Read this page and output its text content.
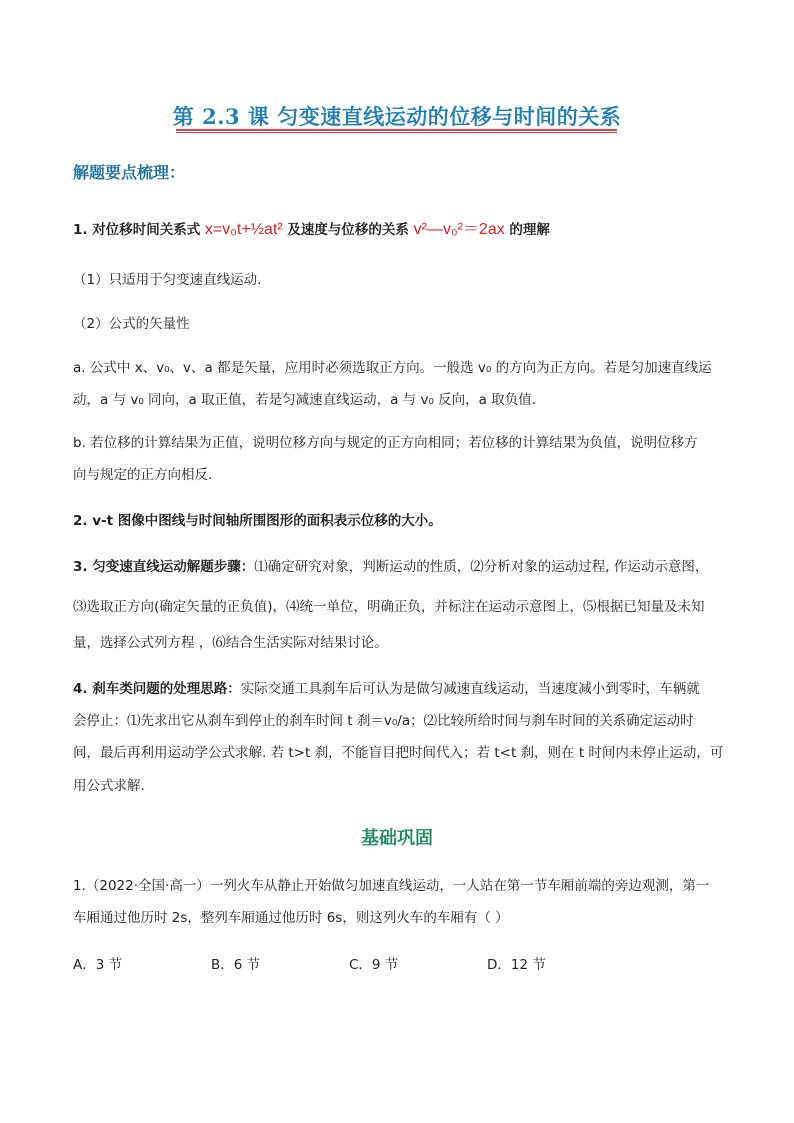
第 2.3 课 匀变速直线运动的位移与时间的关系
解题要点梳理：
1. 对位移时间关系式 x=v₀t+½at² 及速度与位移的关系 v²—v₀²＝2ax 的理解
（1）只适用于匀变速直线运动.
（2）公式的矢量性
a. 公式中 x、v₀、v、a 都是矢量，应用时必须选取正方向。一般选 v₀ 的方向为正方向。若是匀加速直线运
动，a 与 v₀ 同向，a 取正值，若是匀减速直线运动，a 与 v₀ 反向，a 取负值.
b. 若位移的计算结果为正值，说明位移方向与规定的正方向相同；若位移的计算结果为负值，说明位移方
向与规定的正方向相反.
2. v-t 图像中图线与时间轴所围图形的面积表示位移的大小。
3. 匀变速直线运动解题步骤：⑴确定研究对象，判断运动的性质，⑵分析对象的运动过程, 作运动示意图，
⑶选取正方向(确定矢量的正负值)，⑷统一单位，明确正负，并标注在运动示意图上，⑸根据已知量及未知
量，选择公式列方程 ，⑹结合生活实际对结果讨论。
4. 刹车类问题的处理思路：实际交通工具刹车后可认为是做匀减速直线运动，当速度减小到零时，车辆就
会停止：⑴先求出它从刹车到停止的刹车时间 t 刹＝v₀/a；⑵比较所给时间与刹车时间的关系确定运动时
间，最后再利用运动学公式求解. 若 t>t 刹，不能盲目把时间代入；若 t<t 刹，则在 t 时间内未停止运动，可
用公式求解.
基础巩固
1.（2022·全国·高一）一列火车从静止开始做匀加速直线运动，一人站在第一节车厢前端的旁边观测，第一
车厢通过他历时 2s，整列车厢通过他历时 6s，则这列火车的车厢有（ ）
A．3 节	B．6 节	C．9 节	D．12 节
